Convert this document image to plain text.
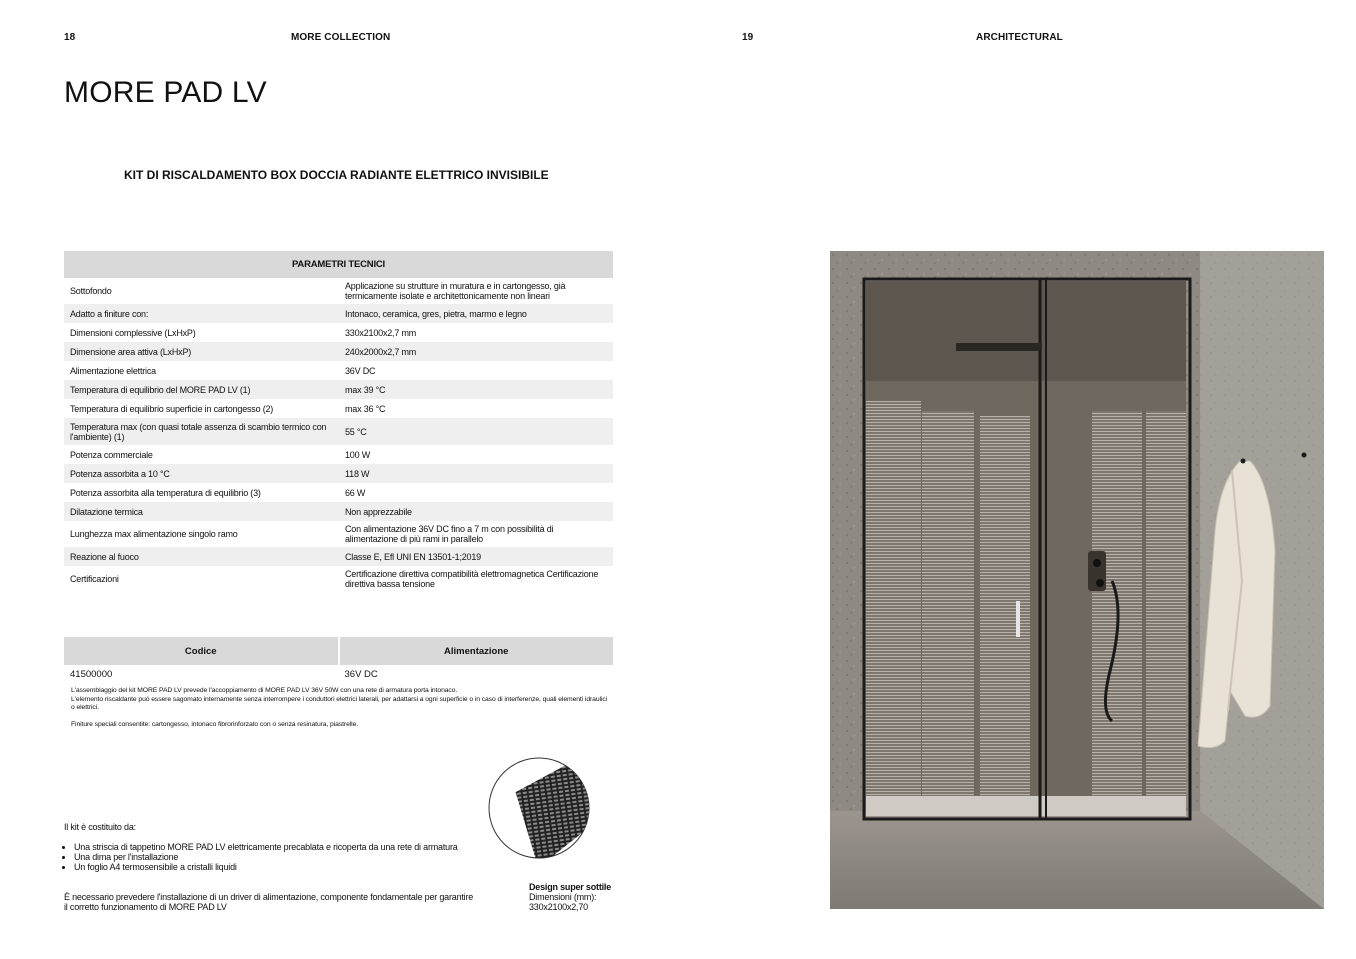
18	MORE COLLECTION	19	ARCHITECTURAL
MORE PAD LV
KIT DI RISCALDAMENTO BOX DOCCIA RADIANTE ELETTRICO INVISIBILE
PARAMETRI TECNICI	
Sottofondo	Applicazione su strutture in muratura e in cartongesso, già termicamente isolate e architettonicamente non lineari
Adatto a finiture con:	Intonaco, ceramica, gres, pietra, marmo e legno
Dimensioni complessive (LxHxP)	330x2100x2,7 mm
Dimensione area attiva (LxHxP)	240x2000x2,7 mm
Alimentazione elettrica	36V DC
Temperatura di equilibrio del MORE PAD LV (1)	max 39 °C
Temperatura di equilibrio superficie in cartongesso (2)	max 36 °C
Temperatura max (con quasi totale assenza di scambio termico con l'ambiente) (1)	55 °C
Potenza commerciale	100 W
Potenza assorbita a 10 °C	118 W
Potenza assorbita alla temperatura di equilibrio (3)	66 W
Dilatazione termica	Non apprezzabile
Lunghezza max alimentazione singolo ramo	Con alimentazione 36V DC fino a 7 m con possibilità di alimentazione di più rami in parallelo
Reazione al fuoco	Classe E, Efl UNI EN 13501-1;2019
Certificazioni	Certificazione direttiva compatibilità elettromagnetica Certificazione direttiva bassa tensione
Codice	Alimentazione
41500000	36V DC
L'assemblaggio del kit MORE PAD LV prevede l'accoppiamento di MORE PAD LV 36V 50W con una rete di armatura porta intonaco.
L'elemento riscaldante può essere sagomato internamente senza interrompere i conduttori elettrici laterali, per adattarsi a ogni superficie o in caso di interferenze, quali elementi idraulici o elettrici.
Finiture speciali consentite: cartongesso, intonaco fibrorinforzato con o senza resinatura, piastrelle.
Il kit è costituito da:
• Una striscia di tappetino MORE PAD LV elettricamente precablata e ricoperta da una rete di armatura
• Una dima per l'installazione
• Un foglio A4 termosensibile a cristalli liquidi
È necessario prevedere l'installazione di un driver di alimentazione, componente fondamentale per garantire il corretto funzionamento di MORE PAD LV
Design super sottile
Dimensioni (mm):
330x2100x2,70
